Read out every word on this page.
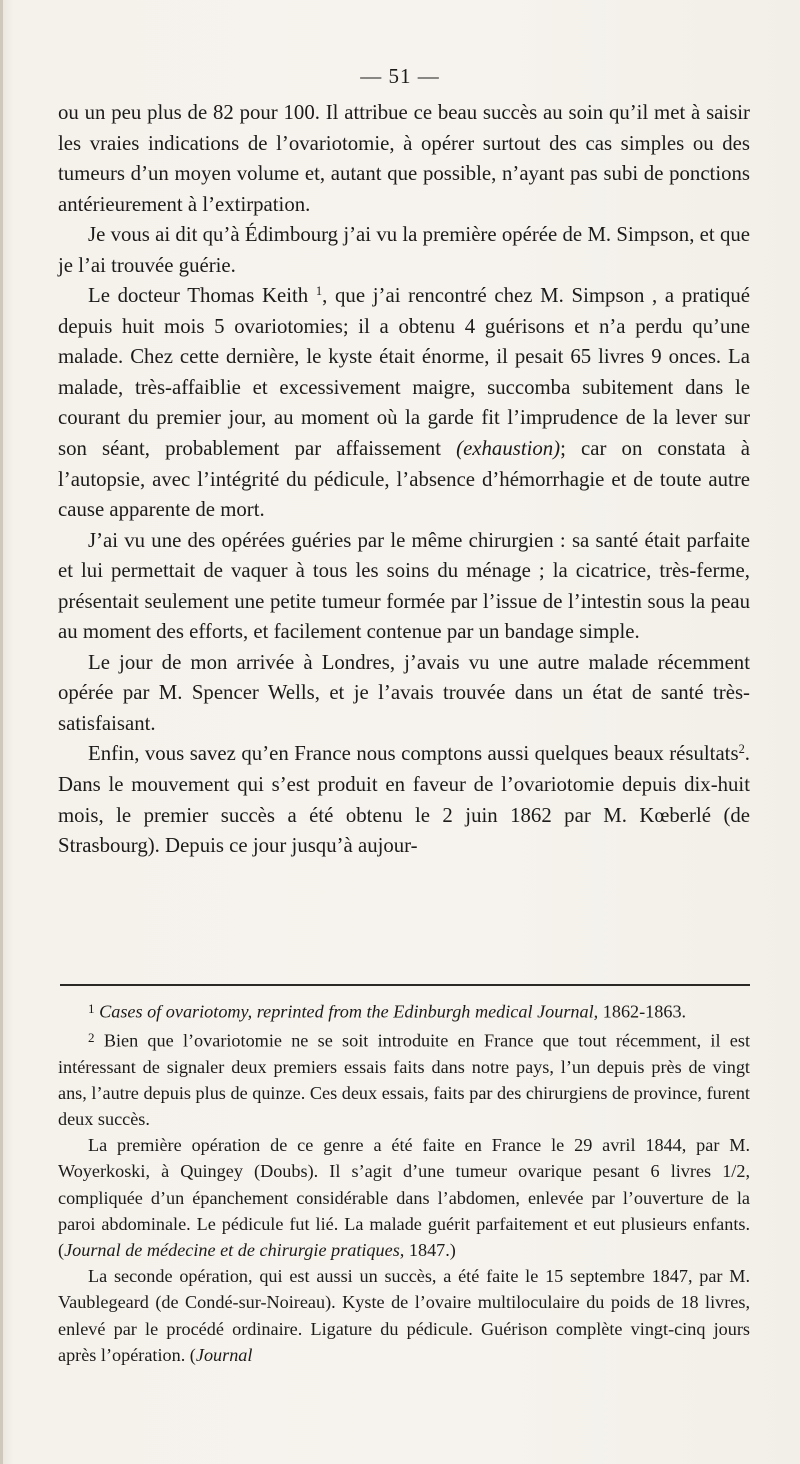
— 51 —

ou un peu plus de 82 pour 100. Il attribue ce beau succès au soin qu’il met à saisir les vraies indications de l’ovariotomie, à opérer surtout des cas simples ou des tumeurs d’un moyen volume et, autant que possible, n’ayant pas subi de ponctions antérieurement à l’extirpation.

Je vous ai dit qu’à Édimbourg j’ai vu la première opérée de M. Simpson, et que je l’ai trouvée guérie.

Le docteur Thomas Keith $^1$, que j’ai rencontré chez M. Simpson , a pratiqué depuis huit mois 5 ovariotomies; il a obtenu 4 guérisons et n’a perdu qu’une malade. Chez cette dernière, le kyste était énorme, il pesait 65 livres 9 onces. La malade, très-affaiblie et excessivement maigre, succomba subitement dans le courant du premier jour, au moment où la garde fit l’imprudence de la lever sur son séant, probablement par affaissement (exhaustion); car on constata à l’autopsie, avec l’intégrité du pédicule, l’absence d’hémorrhagie et de toute autre cause apparente de mort.

J’ai vu une des opérées guéries par le même chirurgien : sa santé était parfaite et lui permettait de vaquer à tous les soins du ménage ; la cicatrice, très-ferme, présentait seulement une petite tumeur formée par l’issue de l’intestin sous la peau au moment des efforts, et facilement contenue par un bandage simple.

Le jour de mon arrivée à Londres, j’avais vu une autre malade récemment opérée par M. Spencer Wells, et je l’avais trouvée dans un état de santé très-satisfaisant.

Enfin, vous savez qu’en France nous comptons aussi quelques beaux résultats$^2$. Dans le mouvement qui s’est produit en faveur de l’ovariotomie depuis dix-huit mois, le premier succès a été obtenu le 2 juin 1862 par M. Kœberlé (de Strasbourg). Depuis ce jour jusqu’à aujour-

$^1$ Cases of ovariotomy, reprinted from the Edinburgh medical Journal, 1862-1863.

$^2$ Bien que l’ovariotomie ne se soit introduite en France que tout récemment, il est intéressant de signaler deux premiers essais faits dans notre pays, l’un depuis près de vingt ans, l’autre depuis plus de quinze. Ces deux essais, faits par des chirurgiens de province, furent deux succès.

La première opération de ce genre a été faite en France le 29 avril 1844, par M. Woyerkoski, à Quingey (Doubs). Il s’agit d’une tumeur ovarique pesant 6 livres 1/2, compliquée d’un épanchement considérable dans l’abdomen, enlevée par l’ouverture de la paroi abdominale. Le pédicule fut lié. La malade guérit parfaitement et eut plusieurs enfants. (Journal de médecine et de chirurgie pratiques, 1847.)

La seconde opération, qui est aussi un succès, a été faite le 15 septembre 1847, par M. Vaublegeard (de Condé-sur-Noireau). Kyste de l’ovaire multiloculaire du poids de 18 livres, enlevé par le procédé ordinaire. Ligature du pédicule. Guérison complète vingt-cinq jours après l’opération. (Journal
